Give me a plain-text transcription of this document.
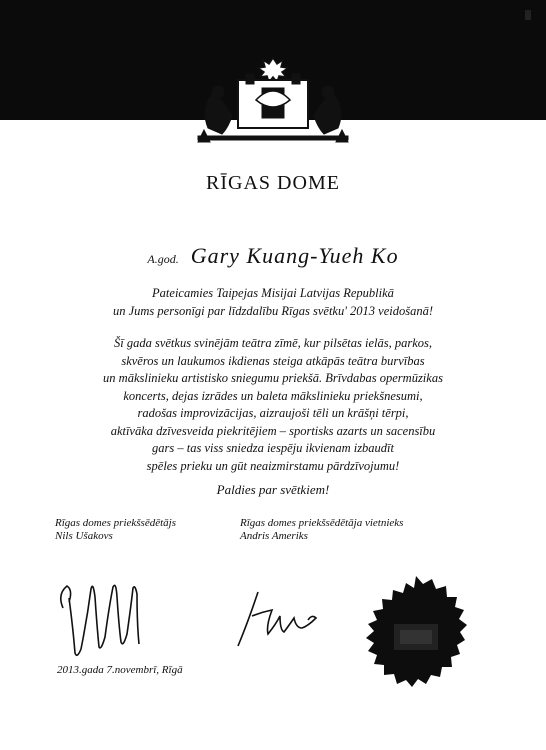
RĪGAS DOME
A.god. Gary Kuang-Yueh Ko
Pateicamies Taipejas Misijai Latvijas Republikā
un Jums personīgi par līdzdalību Rīgas svētku' 2013 veidošanā!
Šī gada svētkus svinējām teātra zīmē, kur pilsētas ielās, parkos,
skvēros un laukumos ikdienas steiga atkāpās teātra burvības
un mākslinieku artistisko sniegumu priekšā. Brīvdabas opermūzikas
koncerts, dejas izrādes un baleta mākslinieku priekšnesumi,
radošas improvizācijas, aizraujoši tēli un krāšņi tērpi,
aktīvāka dzīvesveida piekritējiem – sportisks azarts un sacensību
gars – tas viss sniedza iespēju ikvienam izbaudīt
spēles prieku un gūt neaizmirstamu pārdzīvojumu!
Paldies par svētkiem!
Rīgas domes priekšsēdētājs
Nils Ušakovs
Rīgas domes priekšsēdētāja vietnieks
Andris Ameriks
2013.gada 7.novembrī, Rīgā
